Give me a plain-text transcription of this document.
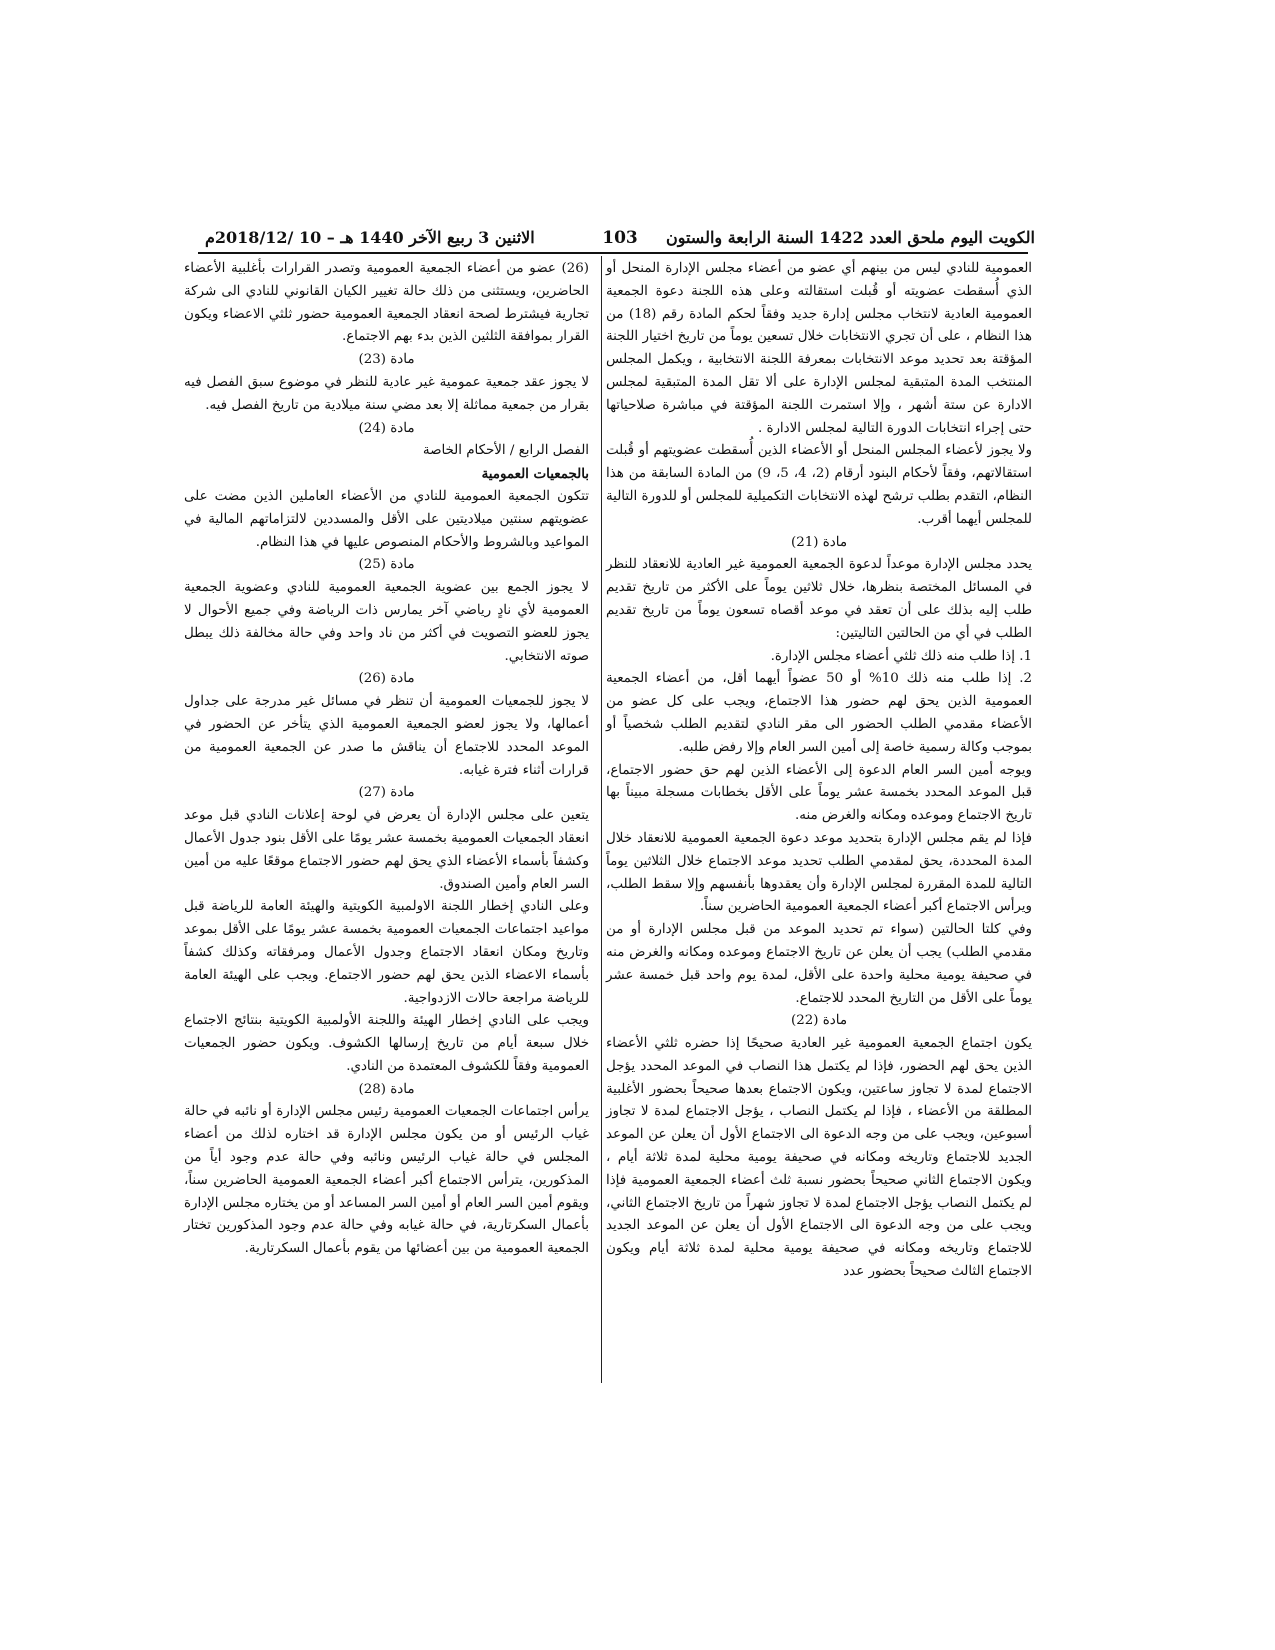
الاثنين 3 ربيع الآخر 1440 هـ – 10 /2018/12م	103 الكويت اليوم ملحق العدد 1422 السنة الرابعة والستون

العمومية للنادي ليس من بينهم أي عضو من أعضاء مجلس الإدارة المنحل أو الذي أُسقطت عضويته أو قُبلت استقالته وعلى هذه اللجنة دعوة الجمعية العمومية العادية لانتخاب مجلس إدارة جديد وفقاً لحكم المادة رقم (18) من هذا النظام ، على أن تجري الانتخابات خلال تسعين يوماً من تاريخ اختيار اللجنة المؤقتة بعد تحديد موعد الانتخابات بمعرفة اللجنة الانتخابية ، ويكمل المجلس المنتخب المدة المتبقية لمجلس الإدارة على ألا تقل المدة المتبقية لمجلس الادارة عن ستة أشهر ، وإلا استمرت اللجنة المؤقتة في مباشرة صلاحياتها حتى إجراء انتخابات الدورة التالية لمجلس الادارة .

ولا يجوز لأعضاء المجلس المنحل أو الأعضاء الذين أُسقطت عضويتهم أو قُبلت استقالاتهم، وفقاً لأحكام البنود أرقام (2، 4، 5، 9) من المادة السابقة من هذا النظام، التقدم بطلب ترشح لهذه الانتخابات التكميلية للمجلس أو للدورة التالية للمجلس أيهما أقرب.

مادة (21)

يحدد مجلس الإدارة موعداً لدعوة الجمعية العمومية غير العادية للانعقاد للنظر في المسائل المختصة بنظرها، خلال ثلاثين يوماً على الأكثر من تاريخ تقديم طلب إليه بذلك على أن تعقد في موعد أقصاه تسعون يوماً من تاريخ تقديم الطلب في أي من الحالتين التاليتين:

1. إذا طلب منه ذلك ثلثي أعضاء مجلس الإدارة.

2. إذا طلب منه ذلك 10% أو 50 عضواً أيهما أقل، من أعضاء الجمعية العمومية الذين يحق لهم حضور هذا الاجتماع، ويجب على كل عضو من الأعضاء مقدمي الطلب الحضور الى مقر النادي لتقديم الطلب شخصياً أو بموجب وكالة رسمية خاصة إلى أمين السر العام وإلا رفض طلبه.

ويوجه أمين السر العام الدعوة إلى الأعضاء الذين لهم حق حضور الاجتماع، قبل الموعد المحدد بخمسة عشر يوماً على الأقل بخطابات مسجلة مبيناً بها تاريخ الاجتماع وموعده ومكانه والغرض منه.

فإذا لم يقم مجلس الإدارة بتحديد موعد دعوة الجمعية العمومية للانعقاد خلال المدة المحددة، يحق لمقدمي الطلب تحديد موعد الاجتماع خلال الثلاثين يوماً التالية للمدة المقررة لمجلس الإدارة وأن يعقدوها بأنفسهم وإلا سقط الطلب، ويرأس الاجتماع أكبر أعضاء الجمعية العمومية الحاضرين سناً.

وفي كلتا الحالتين (سواء تم تحديد الموعد من قبل مجلس الإدارة أو من مقدمي الطلب) يجب أن يعلن عن تاريخ الاجتماع وموعده ومكانه والغرض منه في صحيفة يومية محلية واحدة على الأقل، لمدة يوم واحد قبل خمسة عشر يوماً على الأقل من التاريخ المحدد للاجتماع.

مادة (22)

يكون اجتماع الجمعية العمومية غير العادية صحيحًا إذا حضره ثلثي الأعضاء الذين يحق لهم الحضور، فإذا لم يكتمل هذا النصاب في الموعد المحدد يؤجل الاجتماع لمدة لا تجاوز ساعتين، ويكون الاجتماع بعدها صحيحاً بحضور الأغلبية المطلقة من الأعضاء ، فإذا لم يكتمل النصاب ، يؤجل الاجتماع لمدة لا تجاوز أسبوعين، ويجب على من وجه الدعوة الى الاجتماع الأول أن يعلن عن الموعد الجديد للاجتماع وتاريخه ومكانه في صحيفة يومية محلية لمدة ثلاثة أيام ، ويكون الاجتماع الثاني صحيحاً بحضور نسبة ثلث أعضاء الجمعية العمومية فإذا لم يكتمل النصاب يؤجل الاجتماع لمدة لا تجاوز شهراً من تاريخ الاجتماع الثاني، ويجب على من وجه الدعوة الى الاجتماع الأول أن يعلن عن الموعد الجديد للاجتماع وتاريخه ومكانه في صحيفة يومية محلية لمدة ثلاثة أيام ويكون الاجتماع الثالث صحيحاً بحضور عدد

(26) عضو من أعضاء الجمعية العمومية وتصدر القرارات بأغلبية الأعضاء الحاضرين، ويستثنى من ذلك حالة تغيير الكيان القانوني للنادي الى شركة تجارية فيشترط لصحة انعقاد الجمعية العمومية حضور ثلثي الاعضاء ويكون القرار بموافقة الثلثين الذين بدء بهم الاجتماع.

مادة (23)

لا يجوز عقد جمعية عمومية غير عادية للنظر في موضوع سبق الفصل فيه بقرار من جمعية مماثلة إلا بعد مضي سنة ميلادية من تاريخ الفصل فيه.

مادة (24)

الفصل الرابع / الأحكام الخاصة

بالجمعيات العمومية

تتكون الجمعية العمومية للنادي من الأعضاء العاملين الذين مضت على عضويتهم سنتين ميلاديتين على الأقل والمسددين لالتزاماتهم المالية في المواعيد وبالشروط والأحكام المنصوص عليها في هذا النظام.

مادة (25)

لا يجوز الجمع بين عضوية الجمعية العمومية للنادي وعضوية الجمعية العمومية لأي نادٍ رياضي آخر يمارس ذات الرياضة وفي جميع الأحوال لا يجوز للعضو التصويت في أكثر من ناد واحد وفي حالة مخالفة ذلك يبطل صوته الانتخابي.

مادة (26)

لا يجوز للجمعيات العمومية أن تنظر في مسائل غير مدرجة على جداول أعمالها، ولا يجوز لعضو الجمعية العمومية الذي يتأخر عن الحضور في الموعد المحدد للاجتماع أن يناقش ما صدر عن الجمعية العمومية من قرارات أثناء فترة غيابه.

مادة (27)

يتعين على مجلس الإدارة أن يعرض في لوحة إعلانات النادي قبل موعد انعقاد الجمعيات العمومية بخمسة عشر يومًا على الأقل بنود جدول الأعمال وكشفاً بأسماء الأعضاء الذي يحق لهم حضور الاجتماع موقعًا عليه من أمين السر العام وأمين الصندوق.

وعلى النادي إخطار اللجنة الاولمبية الكويتية والهيئة العامة للرياضة قبل مواعيد اجتماعات الجمعيات العمومية بخمسة عشر يومًا على الأقل بموعد وتاريخ ومكان انعقاد الاجتماع وجدول الأعمال ومرفقاته وكذلك كشفاً بأسماء الاعضاء الذين يحق لهم حضور الاجتماع. ويجب على الهيئة العامة للرياضة مراجعة حالات الازدواجية.

ويجب على النادي إخطار الهيئة واللجنة الأولمبية الكويتية بنتائج الاجتماع خلال سبعة أيام من تاريخ إرسالها الكشوف. ويكون حضور الجمعيات العمومية وفقاً للكشوف المعتمدة من النادي.

مادة (28)

يرأس اجتماعات الجمعيات العمومية رئيس مجلس الإدارة أو نائبه في حالة غياب الرئيس أو من يكون مجلس الإدارة قد اختاره لذلك من أعضاء المجلس في حالة غياب الرئيس ونائبه وفي حالة عدم وجود أياً من المذكورين، يترأس الاجتماع أكبر أعضاء الجمعية العمومية الحاضرين سناً، ويقوم أمين السر العام أو أمين السر المساعد أو من يختاره مجلس الإدارة بأعمال السكرتارية، في حالة غيابه وفي حالة عدم وجود المذكورين تختار الجمعية العمومية من بين أعضائها من يقوم بأعمال السكرتارية.
